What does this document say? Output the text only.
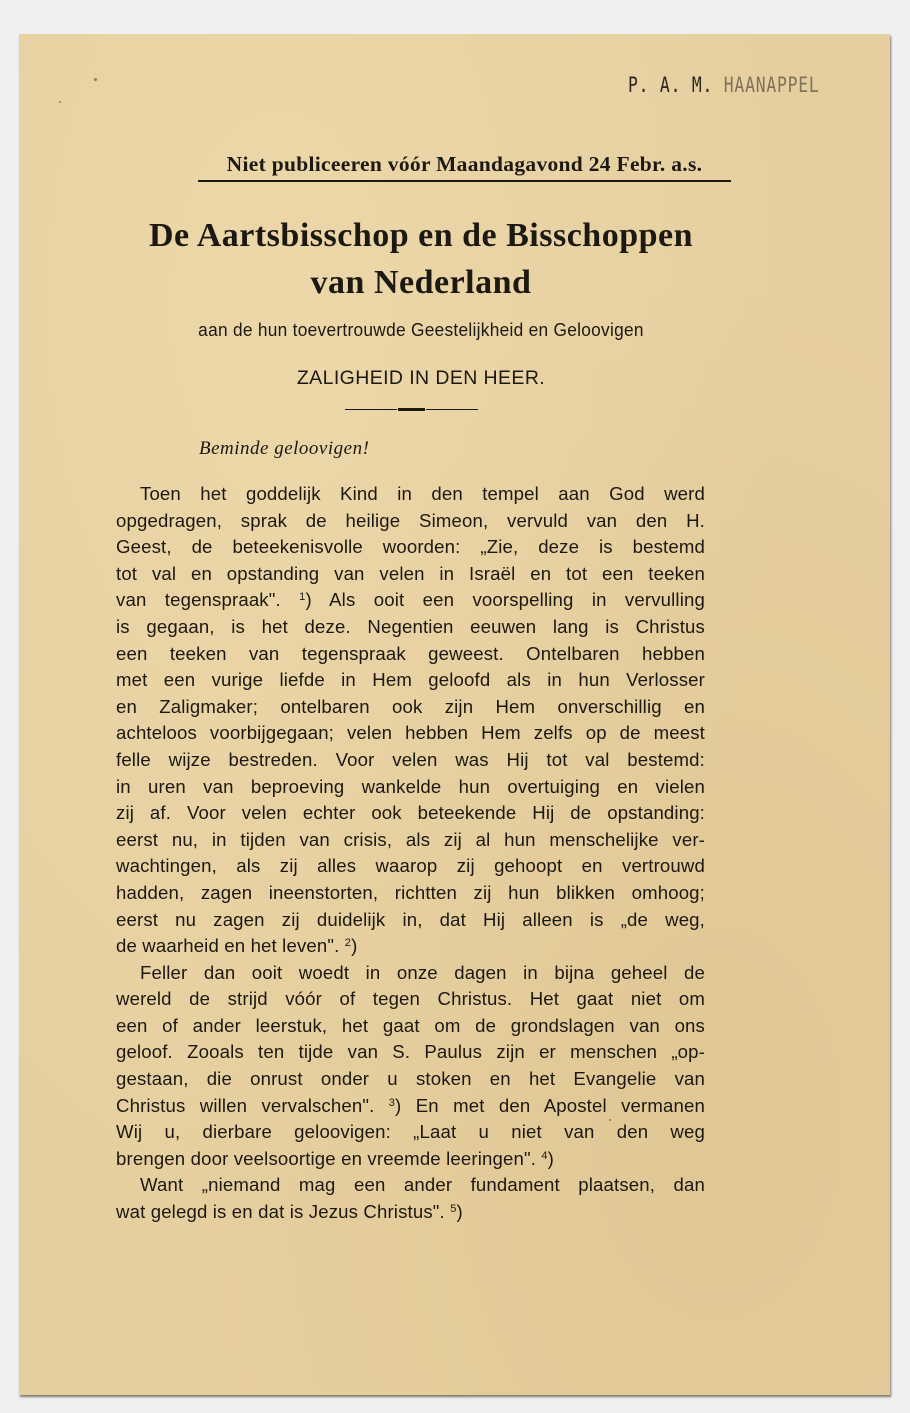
P. A. M. HAANAPPEL
Niet publiceeren vóór Maandagavond 24 Febr. a.s.
De Aartsbisschop en de Bisschoppen
van Nederland
aan de hun toevertrouwde Geestelijkheid en Geloovigen
ZALIGHEID IN DEN HEER.
Beminde geloovigen!
Toen het goddelijk Kind in den tempel aan God werd
opgedragen, sprak de heilige Simeon, vervuld van den H.
Geest, de beteekenisvolle woorden: „Zie, deze is bestemd
tot val en opstanding van velen in Israël en tot een teeken
van tegenspraak". $^1$) Als ooit een voorspelling in vervulling
is gegaan, is het deze. Negentien eeuwen lang is Christus
een teeken van tegenspraak geweest. Ontelbaren hebben
met een vurige liefde in Hem geloofd als in hun Verlosser
en Zaligmaker; ontelbaren ook zijn Hem onverschillig en
achteloos voorbijgegaan; velen hebben Hem zelfs op de meest
felle wijze bestreden. Voor velen was Hij tot val bestemd:
in uren van beproeving wankelde hun overtuiging en vielen
zij af. Voor velen echter ook beteekende Hij de opstanding:
eerst nu, in tijden van crisis, als zij al hun menschelijke ver-
wachtingen, als zij alles waarop zij gehoopt en vertrouwd
hadden, zagen ineenstorten, richtten zij hun blikken omhoog;
eerst nu zagen zij duidelijk in, dat Hij alleen is „de weg,
de waarheid en het leven". $^2$)
Feller dan ooit woedt in onze dagen in bijna geheel de
wereld de strijd vóór of tegen Christus. Het gaat niet om
een of ander leerstuk, het gaat om de grondslagen van ons
geloof. Zooals ten tijde van S. Paulus zijn er menschen „op-
gestaan, die onrust onder u stoken en het Evangelie van
Christus willen vervalschen". $^3$) En met den Apostel vermanen
Wij u, dierbare geloovigen: „Laat u niet van den weg
brengen door veelsoortige en vreemde leeringen". $^4$)
Want „niemand mag een ander fundament plaatsen, dan
wat gelegd is en dat is Jezus Christus". $^5$)
